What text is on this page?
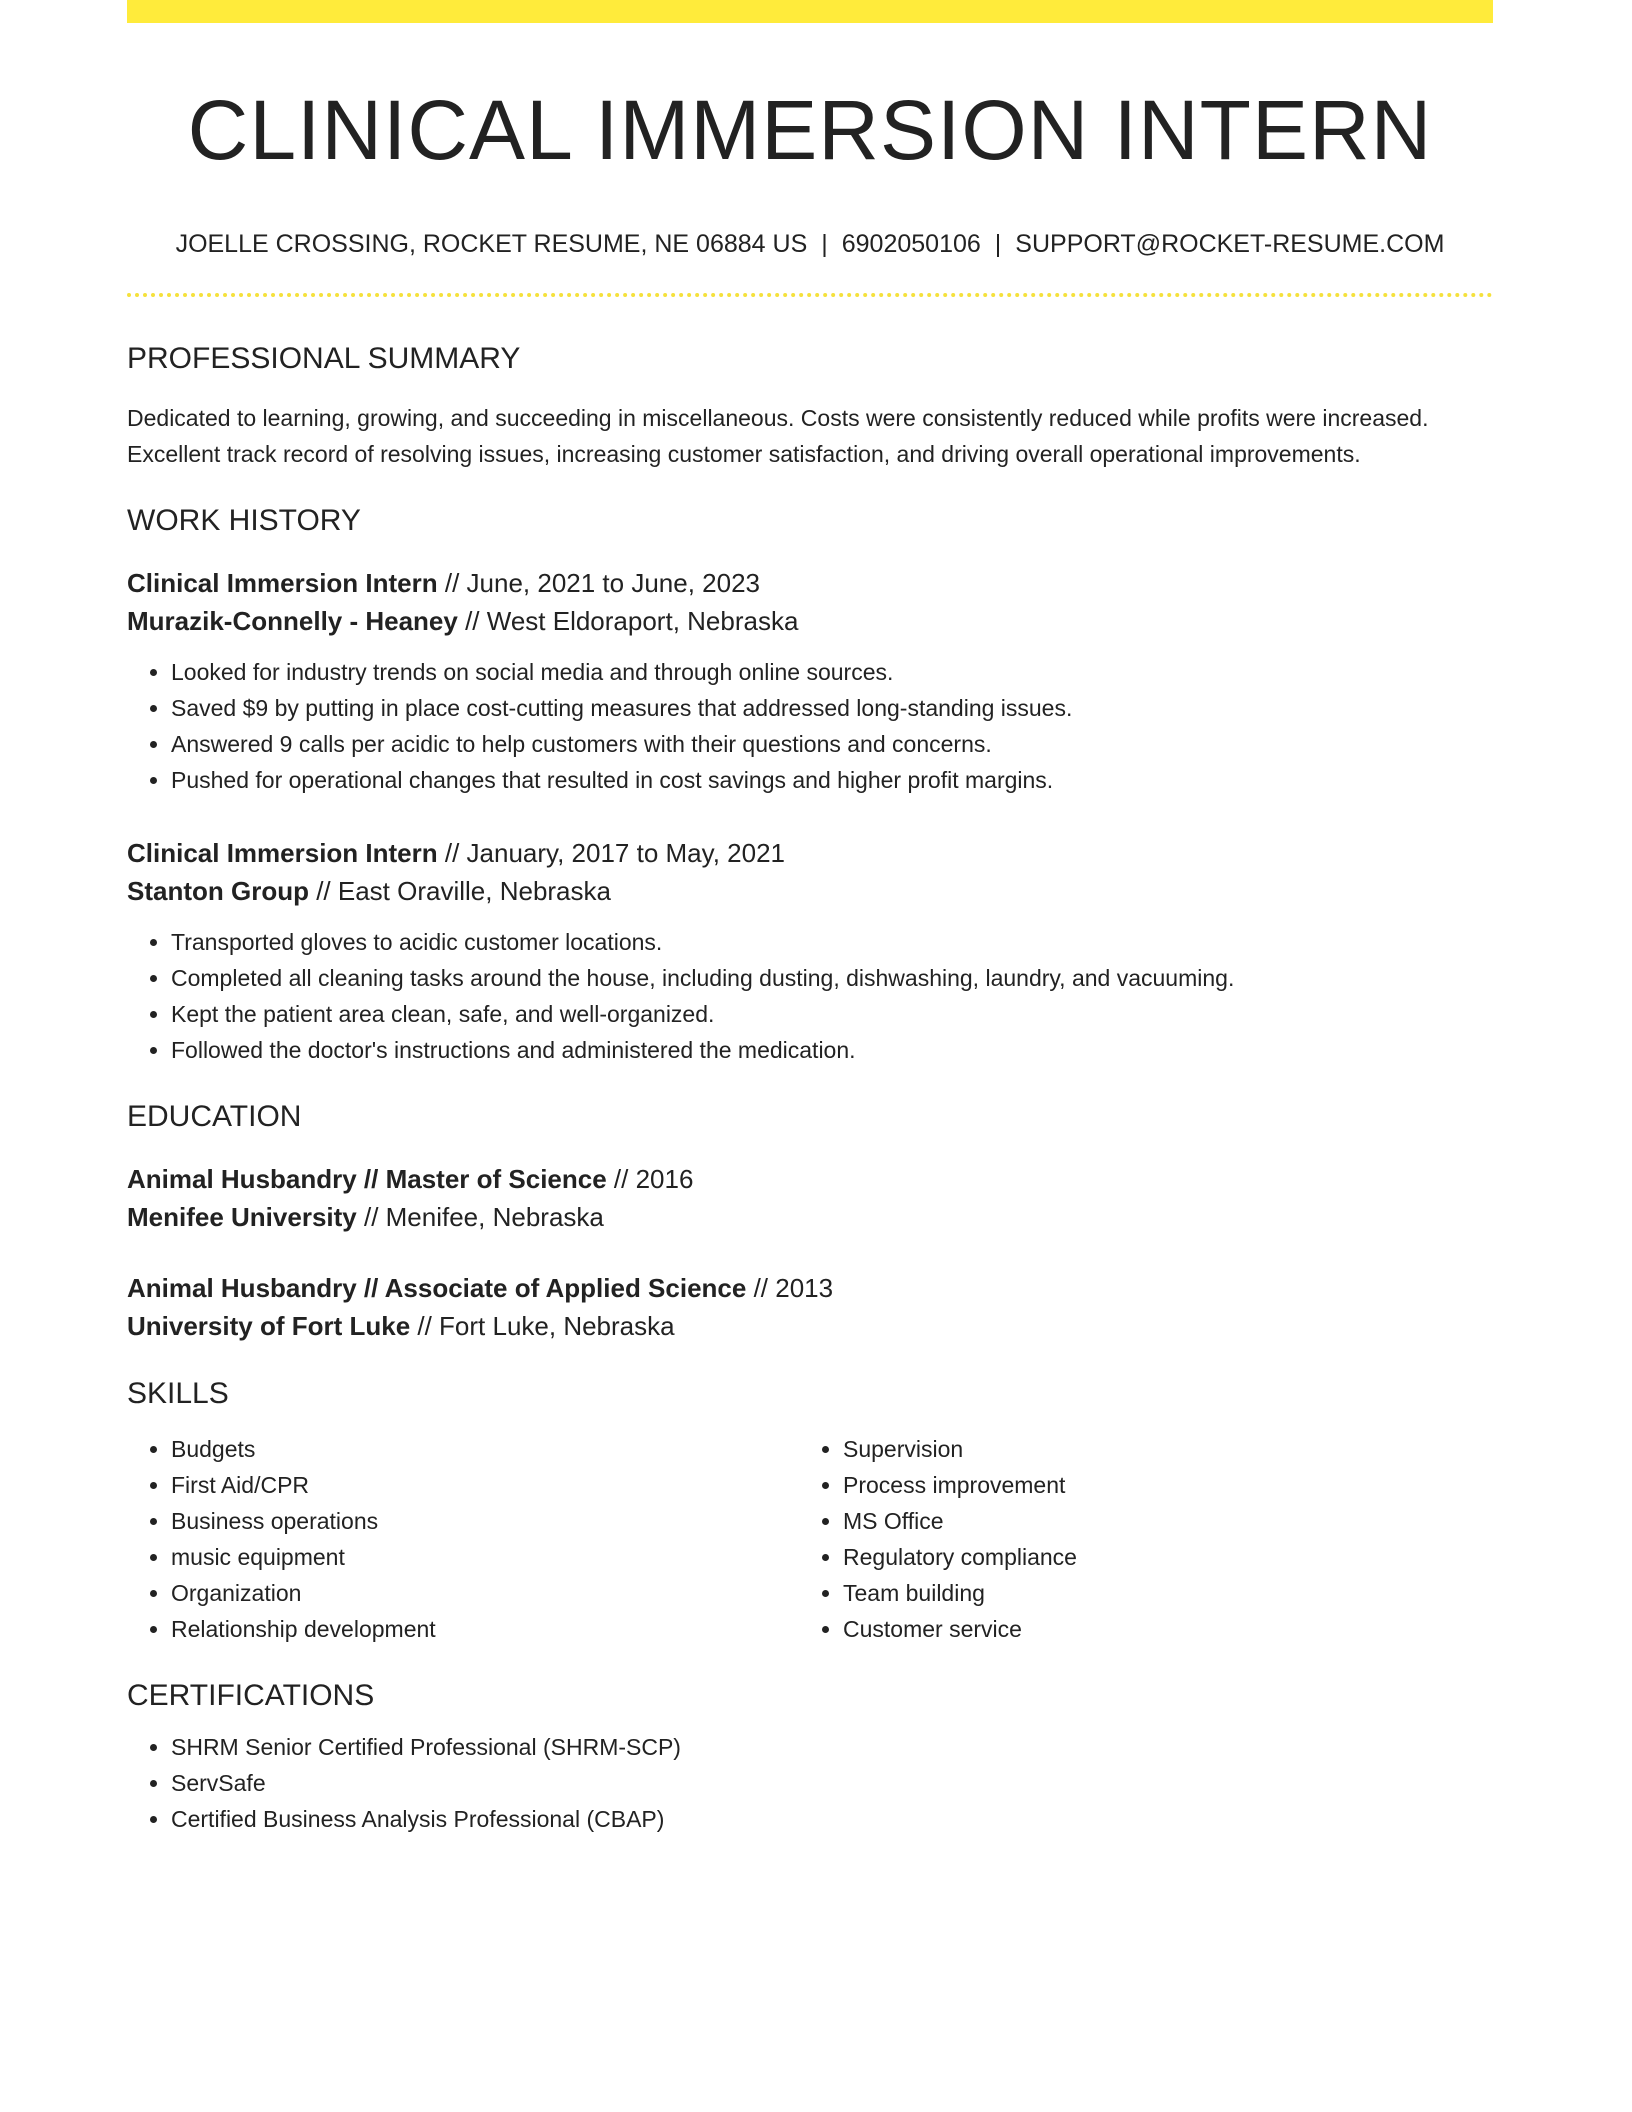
CLINICAL IMMERSION INTERN
JOELLE CROSSING, ROCKET RESUME, NE 06884 US | 6902050106 | SUPPORT@ROCKET-RESUME.COM
PROFESSIONAL SUMMARY

Dedicated to learning, growing, and succeeding in miscellaneous. Costs were consistently reduced while profits were increased. Excellent track record of resolving issues, increasing customer satisfaction, and driving overall operational improvements.

WORK HISTORY
Clinical Immersion Intern // June, 2021 to June, 2023
Murazik-Connelly - Heaney // West Eldoraport, Nebraska
• Looked for industry trends on social media and through online sources.
• Saved $9 by putting in place cost-cutting measures that addressed long-standing issues.
• Answered 9 calls per acidic to help customers with their questions and concerns.
• Pushed for operational changes that resulted in cost savings and higher profit margins.
Clinical Immersion Intern // January, 2017 to May, 2021
Stanton Group // East Oraville, Nebraska
• Transported gloves to acidic customer locations.
• Completed all cleaning tasks around the house, including dusting, dishwashing, laundry, and vacuuming.
• Kept the patient area clean, safe, and well-organized.
• Followed the doctor's instructions and administered the medication.
EDUCATION
Animal Husbandry // Master of Science // 2016
Menifee University // Menifee, Nebraska
Animal Husbandry // Associate of Applied Science // 2013
University of Fort Luke // Fort Luke, Nebraska
SKILLS
• Budgets
• First Aid/CPR
• Business operations
• music equipment
• Organization
• Relationship development
• Supervision
• Process improvement
• MS Office
• Regulatory compliance
• Team building
• Customer service
CERTIFICATIONS
• SHRM Senior Certified Professional (SHRM-SCP)
• ServSafe
• Certified Business Analysis Professional (CBAP)
